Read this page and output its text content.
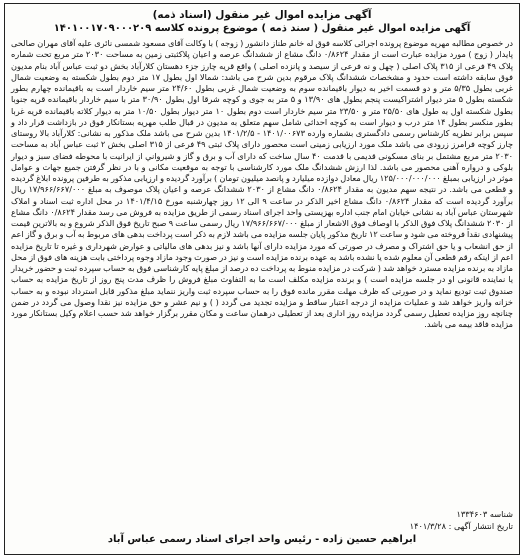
آگهی مزایده اموال غیر منقول (اسناد ذمه)
آگهی مزایده اموال غیر منقول ( سند ذمه ) موضوع پرونده کلاسه ۱۴۰۱۰۰۱۷۰۹۰۰۰۲۰۹

در خصوص مطالبه مهریه موضوع پرونده اجرائی کلاسه فوق له خانم طناز دانشور ( زوجه ) با وکالت آقای مسعود شمسی نائری علیه آقای مهران صالحی پایدار ( زوج ) مورد مزایده عبارت است از مقدار ۰/۸۶۲۴ دانگ مشاع از ششدانگ عرصه و اعیان پلاکثبتی زمین به مساحت ۲۰۳۰ متر مربع تحت شماره پلاک ۴۹ فرعی از ۳۱۵ پلاک اصلی ( چهل و نه فرعی از سیصد و پانزده اصلی ) واقع قریه چارز جزء دهستان کلارآباد بخش دو ثبت عباس آباد بنام مدیون فوق سابقه داشته است حدود و مشخصات ششدانگ پلاک مرقوم بدین شرح می باشد: شمالا اول بطول ۱۷ متر دوم بطول شکسته به وضعیت شمال غربی بطول ۵/۳۵ متر و دو قسمت اخیر به دیوار باقیمانده سوم به وضعیت شمال غربی بطول ۲۴/۶۰ متر سیم خاردار است به باقیمانده چهارم بطور شکسته بطول ۵ متر دیوار اشتراکیست پنجم بطول های ۱۳/۹۰ و ۵ متر به جوی و کوچه شرقا اول بطول ۳۰/۹۰ متر با سیم خاردار باقیمانده قریه جنوبا بطول شکسته اول به طول های ۲۵/۵۰ متر و ۲۳/۵۰ متر سیم خاردار است دوم بطول ۱۰ متر دیوار بطول ۱۰/۵۰ متر به دیوار کلاته باقیمانده قریه غربا بطور منکسر بطول ۱۴ متر درب و دیوار است به کوچه احداثی شامل سهم متعلق به مدیون در قبال طلب مهریه بستانکار فوق در بازداشت قرار داد و سپس برابر نظریه کارشناس رسمی دادگستری بشماره وارده ۱۴۰۱/۰۰۶۷۳ - ۱۴۰۱/۲/۵ بدین شرح می باشد ملک مذکور به نشانی: کلارآباد بالا روستای چارز کوچه فرامرز زرودی می باشد ملک مورد ارزیابی زمینی است محصور دارای پلاک ثبتی ۴۹ فرعی از ۳۱۵ اصلی بخش ۲ ثبت عباس آباد به مساحت ۲۰۳۰ متر مربع مشتمل بر بنای مسکونی قدیمی با قدمت ۴۰ سال ساخت که دارای آب و برق و گاز و شیرواني از ایرانیت با محوطه فضای سبز و دیوار بلوکی و درواره آهنی محصور می باشد. لذا ارزش ششدانگ ملک مورد کارشناسی با توجه به موقعیت مکانی و با در نظر گرفتن جمیع جهات و عوامل موثر در ارزیابی بمبلغ ۱۲۵/۰۰۰/۰۰۰/۰۰۰ ریال معادل دوازده میلیارد و پانصد میلیون تومان ) برآورد گردیده و ارزیابی مذکور به طرفین پرونده ابلاغ گردیده و قطعی می باشد. در نتیجه سهم مدیون به مقدار ۰/۸۶۲۴ دانگ مشاع از ۲۰۳۰ ششدانگ عرصه و اعیان پلاک موصوف به مبلغ ۱۷/۹۶۶/۶۶۷/۰۰۰ ریال برآورد گردیده است که مقدار ۰/۸۶۲۴ دانگ مشاع اخیر الذکر در ساعت ۹ الی ۱۲ روز چهارشنبه مورخ ۱۴۰۱/۴/۱۵ در محل اداره ثبت اسناد و املاک شهرستان عباس آباد به نشانی خیابان امام جنب اداره بهزیستی واحد اجرای اسناد رسمی از طریق مزایده به فروش می رسد مقدار ۰/۸۶۲۴ دانگ مشاع از ۲۰۳۰ ششدانگ پلاک فوق الذکر با اوصاف فوق الاشعار از مبلغ ۱۷/۹۶۶/۶۶۷/۰۰۰ ریال رسمی ساعت ۹ صبح تاریخ فوق الذکر شروع و به بالاترین قیمت پیشنهادی نقداً فروخته می شود و ساعت ۱۲ تاریخ مذکور پایان جلسه مزایده می باشد لازم به ذکر است پرداخت بدهی های مربوط به آب و برق و گاز اعم از حق انشعاب و یا حق اشتراک و مصرف در صورتی که مورد مزایده دارای آنها باشد و نیز بدهی های مالیاتی و عوارض شهرداری و غیره تا تاریخ مزایده اعم از اینکه رقم قطعی آن معلوم شده یا نشده باشد به عهده برنده مزایده است و نیز در صورت وجود مازاد وجوه پرداختی بابت هزینه های فوق از محل مازاد به برنده مزایده مسترد خواهد شد ( شرکت در مزایده منوط به پرداخت ده درصد از مبلغ پایه کارشناسی فوق به حساب سپرده ثبت و حضور خریدار یا نماینده قانونی او در جلسه مزایده است ) و برنده مزایده مکلف است ما به التفاوت مبلغ فروش را ظرف مدت پنج روز از تاریخ مزایده به حساب صندوق ثبت تودیع نماید و در صورتی که ظرف مهلت مقرر مانده فوق را به حساب سپرده ثبت واریز ننماید مبلغ مذکور قابل استرداد نبوده و به حساب خزانه واریز خواهد شد و عملیات مزایده از درجه اعتبار ساقط و مزایده تجدید می گردد ( ) و نیم عشر و حق مزایده نیز نقدا وصول می گردد در ضمن چنانچه روز مزایده تعطیل رسمی گردد مزایده روز اداری بعد از تعطیلی درهمان ساعت و مکان مقرر برگزار خواهد شد حسب اعلام وکیل بستانکار مورد مزایده فاقد بیمه می باشد.

شناسه ۱۳۳۴۶۰۳
تاریخ انتشار آگهی : ۱۴۰۱/۳/۲۸
ابراهیم حسین زاده - رئیس واحد اجرای اسناد رسمی عباس آباد
